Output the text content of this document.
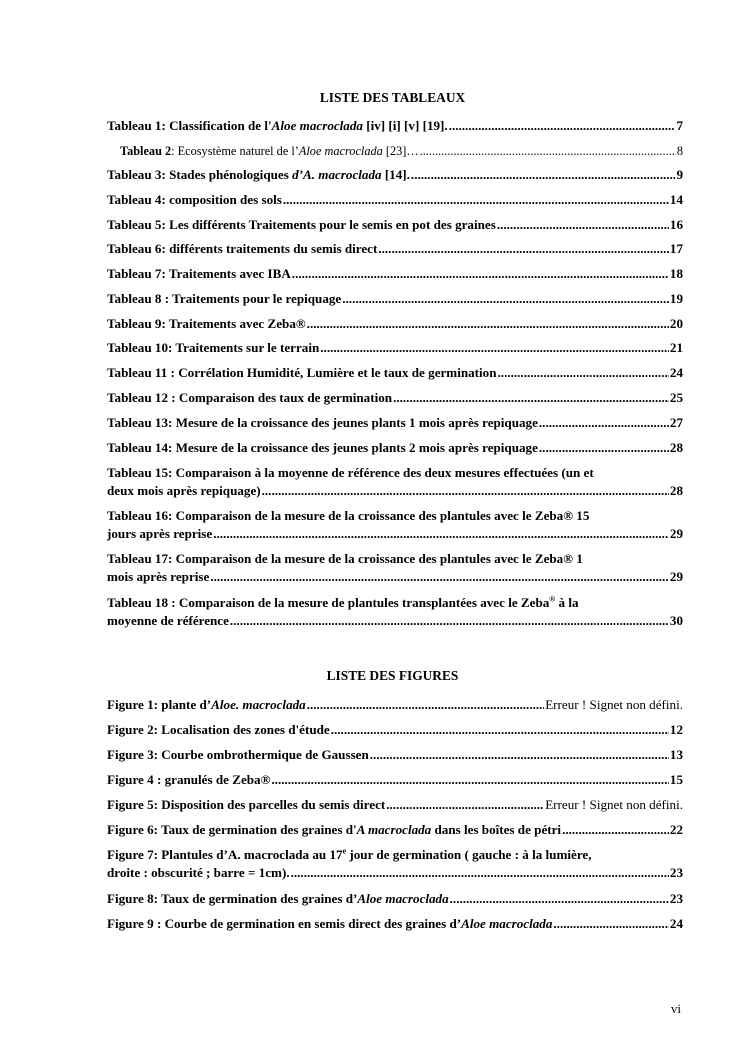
LISTE DES TABLEAUX
Tableau 1: Classification de l'Aloe macroclada [iv] [i] [v] [19]. .....	7
Tableau 2: Ecosystème naturel de l’Aloe macroclada [23]… .....	8
Tableau 3: Stades phénologiques d’A. macroclada [14]. .....	9
Tableau 4: composition des sols .....	14
Tableau 5: Les différents Traitements pour le semis en pot des graines .....	16
Tableau 6: différents traitements du semis direct .....	17
Tableau 7: Traitements avec IBA .....	18
Tableau 8 : Traitements pour le repiquage .....	19
Tableau 9: Traitements avec Zeba® .....	20
Tableau 10: Traitements sur le terrain .....	21
Tableau 11 : Corrélation Humidité, Lumière et le taux de germination .....	24
Tableau 12 : Comparaison des taux de germination .....	25
Tableau 13: Mesure de la croissance des jeunes plants 1 mois après repiquage .....	27
Tableau 14: Mesure de la croissance des jeunes plants 2 mois après repiquage .....	28
Tableau 15: Comparaison à la moyenne de référence des deux mesures effectuées (un et
deux mois après repiquage) .....	28
Tableau 16: Comparaison de la mesure de la croissance des plantules avec le Zeba® 15
jours après reprise .....	29
Tableau 17: Comparaison de la mesure de la croissance des plantules avec le Zeba® 1
mois après reprise .....	29
Tableau 18 : Comparaison de la mesure de plantules transplantées avec le Zeba® à la
moyenne de référence .....	30
LISTE DES FIGURES
Figure 1: plante d’Aloe. macroclada .....	Erreur ! Signet non défini.
Figure 2: Localisation des zones d'étude .....	12
Figure 3: Courbe ombrothermique de Gaussen .....	13
Figure 4 : granulés de Zeba® .....	15
Figure 5: Disposition des parcelles du semis direct .....	Erreur ! Signet non défini.
Figure 6: Taux de germination des graines d'A macroclada dans les boîtes de pétri .....	22
Figure 7: Plantules d’A. macroclada au 17e jour de germination ( gauche : à la lumière,
droite : obscurité ; barre = 1cm). .....	23
Figure 8: Taux de germination des graines d’Aloe macroclada .....	23
Figure 9 : Courbe de germination en semis direct des graines d’Aloe macroclada .....	24
vi
